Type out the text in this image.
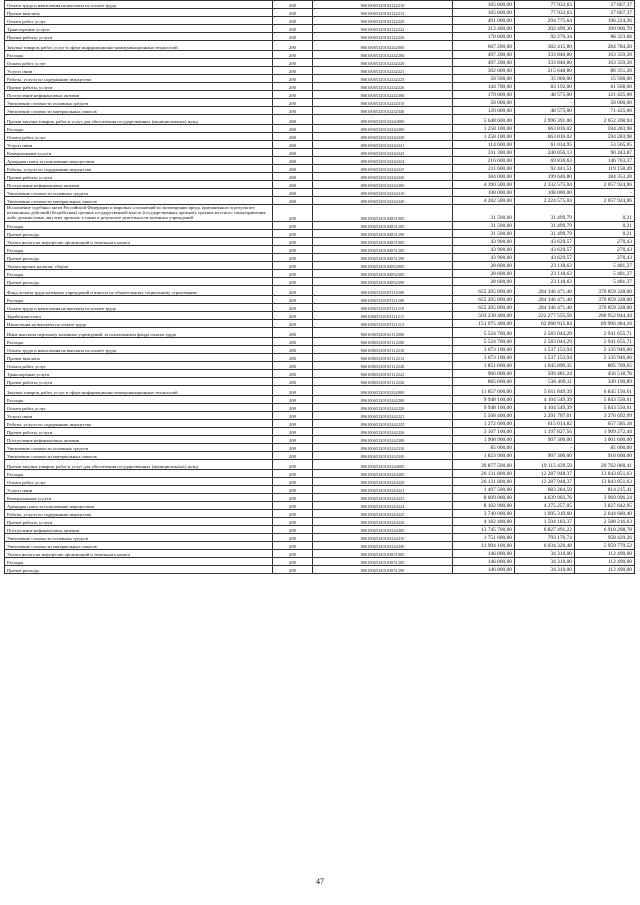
Оплата труда и начисления на выплаты по оплате труда	200	80610065320102122210	105 600,00	77 932,63	27 667,37
Прочие выплаты	200	80610065320102122212	105 600,00	77 932,63	27 667,37
Оплата работ, услуг	200	80610065320102122220	491 000,00	294 775,64	196 224,36
Транспортные услуги	200	80610065320102122222	312 400,00	202 499,30	109 900,70
Прочие работы, услуги	200	80610065320102122226	178 600,00	92 276,34	86 323,66
Закупка товаров, работ, услуг в сфере информационно-коммуникационных технологий	200	80610065320102242000	667 200,00	382 415,80	284 784,20
Расходы	200	80610065320102242200	497 200,00	333 840,80	163 359,20
Оплата работ, услуг	200	80610065320102242220	497 200,00	333 840,80	163 359,20
Услуги связи	200	80610065320102242221	302 000,00	215 648,80	86 351,20
Работы, услуги по содержанию имущества	200	80610065320102242225	50 500,00	35 000,00	15 500,00
Прочие работы, услуги	200	80610065320102242226	144 700,00	83 192,00	61 508,00
Поступление нефинансовых активов	200	80610065320102242300	170 000,00	48 575,00	121 425,00
Увеличение стоимости основных средств	200	80610065320102242310	50 000,00	-	50 000,00
Увеличение стоимости материальных запасов	200	80610065320102242340	120 000,00	48 575,00	71 425,00
Прочая закупка товаров, работ и услуг для обеспечения государственных (муниципальных) нужд	200	80610065320102244000	5 648 600,00	2 996 391,06	2 652 208,94
Расходы	200	80610065320102244200	1 258 100,00	663 816,02	594 283,98
Оплата работ, услуг	200	80610065320102244220	1 258 100,00	663 816,02	594 283,98
Услуги связи	200	80610065320102244221	114 600,00	61 034,95	53 565,05
Коммунальные услуги	200	80610065320102244223	331 300,00	240 856,13	90 443,87
Арендная плата за пользование имуществом	200	80610065320102244224	216 600,00	69 836,63	146 763,37
Работы, услуги по содержанию имущества	200	80610065320102244225	211 600,00	92 441,51	119 158,49
Прочие работы, услуги	200	80610065320102244226	384 000,00	199 646,80	184 353,20
Поступление нефинансовых активов	200	80610065320102244300	4 390 500,00	2 332 575,04	2 057 924,96
Увеличение стоимости основных средств	200	80610065320102244310	108 000,00	108 000,00	-
Увеличение стоимости материальных запасов	200	80610065320102244340	4 282 500,00	2 224 575,04	2 057 924,96
Исполнение судебных актов Российской Федерации и мировых соглашений по возмещению вреда, причиненного в результате незаконных действий (бездействия) органов государственной власти (государственных органов), органов местного самоуправления либо должностных лиц этих органов, а также в результате деятельности казенных учреждений	200	80610065320102831000	31 500,00	31 499,79	0,21
Расходы	200	80610065320102831200	31 500,00	31 499,79	0,21
Прочие расходы	200	80610065320102831290	31 500,00	31 499,79	0,21
Уплата налога на имущество организаций и земельного налога	200	80610065320102851000	43 900,00	43 629,57	270,43
Расходы	200	80610065320102851200	43 900,00	43 629,57	270,43
Прочие расходы	200	80610065320102851290	43 900,00	43 629,57	270,43
Уплата прочих налогов, сборов	200	80610065320102852000	28 600,00	23 118,63	5 481,37
Расходы	200	80610065320102852200	28 600,00	23 118,63	5 481,37
Прочие расходы	200	80610065320102852290	28 600,00	23 118,63	5 481,37
Фонд оплаты труда казенных учреждений и взносы по обязательному социальному страхованию	200	80610065320103111000	655 205 800,00	284 346 471,40	370 859 328,60
Расходы	200	80610065320103111200	655 205 800,00	284 346 471,40	370 859 328,60
Оплата труда и начисления на выплаты по оплате труда	200	80610065320103111210	655 205 800,00	284 346 471,40	370 859 328,60
Заработная плата	200	80610065320103111211	503 230 400,00	222 277 555,56	280 952 844,44
Начисления на выплаты по оплате труда	200	80610065320103111213	151 975 400,00	62 068 915,84	89 906 484,16
Иные выплаты персоналу казенных учреждений, за исключением фонда оплаты труда	200	80610065320103112000	5 524 700,00	2 583 044,29	2 941 655,71
Расходы	200	80610065320103112200	5 524 700,00	2 583 044,29	2 941 655,71
Оплата труда и начисления на выплаты по оплате труда	200	80610065320103112210	3 673 100,00	1 537 153,94	2 135 946,06
Прочие выплаты	200	80610065320103112212	3 673 100,00	1 537 153,94	2 135 946,06
Оплата работ, услуг	200	80610065320103112220	1 851 600,00	1 045 890,35	805 709,65
Транспортные услуги	200	80610065320103112222	966 000,00	509 481,24	456 518,76
Прочие работы, услуги	200	80610065320103112226	885 600,00	536 409,11	349 190,89
Закупка товаров, работ, услуг в сфере информационно-коммуникационных технологий	200	80610065320103242000	11 857 000,00	5 011 849,39	6 845 150,61
Расходы	200	80610065320103242200	9 948 100,00	4 104 549,39	5 843 550,61
Оплата работ, услуг	200	80610065320103242220	9 948 100,00	4 104 549,39	5 843 550,61
Услуги связи	200	80610065320103242221	5 568 400,00	2 291 707,01	3 276 692,99
Работы, услуги по содержанию имущества	200	80610065320103242225	1 272 600,00	615 014,82	657 585,18
Прочие работы, услуги	200	80610065320103242226	3 107 100,00	1 197 827,56	1 909 272,44
Поступление нефинансовых активов	200	80610065320103242300	1 908 900,00	907 300,00	1 001 600,00
Увеличение стоимости основных средств	200	80610065320103242310	85 000,00	-	85 000,00
Увеличение стоимости материальных запасов	200	80610065320103242340	1 823 900,00	907 300,00	916 600,00
Прочая закупка товаров, работ и услуг для обеспечения государственных (муниципальных) нужд	200	80610065320103244000	39 877 500,00	19 115 439,59	20 762 060,41
Расходы	200	80610065320103244200	26 131 800,00	12 287 948,37	13 843 851,63
Оплата работ, услуг	200	80610065320103244220	26 131 800,00	12 287 948,37	13 843 851,63
Услуги связи	200	80610065320103244221	1 497 500,00	683 284,59	814 215,41
Коммунальные услуги	200	80610065320103244223	8 609 000,00	4 639 903,76	3 969 096,24
Арендная плата за пользование имуществом	200	80610065320103244224	8 102 900,00	4 275 257,05	3 827 642,95
Работы, услуги по содержанию имущества	200	80610065320103244225	3 740 000,00	1 095 319,60	2 644 680,40
Прочие работы, услуги	200	80610065320103244226	4 182 400,00	1 594 183,37	2 588 216,63
Поступление нефинансовых активов	200	80610065320103244300	13 745 700,00	6 827 491,22	6 918 208,78
Увеличение стоимости основных средств	200	80610065320103244310	1 751 600,00	793 170,74	958 429,26
Увеличение стоимости материальных запасов	200	80610065320103244340	11 994 100,00	6 034 320,48	5 959 779,52
Уплата налога на имущество организаций и земельного налога	200	80610065320103851000	146 800,00	34 310,00	112 490,00
Расходы	200	80610065320103851200	146 800,00	34 310,00	112 490,00
Прочие расходы	200	80610065320103851290	146 800,00	34 310,00	112 490,00
47
